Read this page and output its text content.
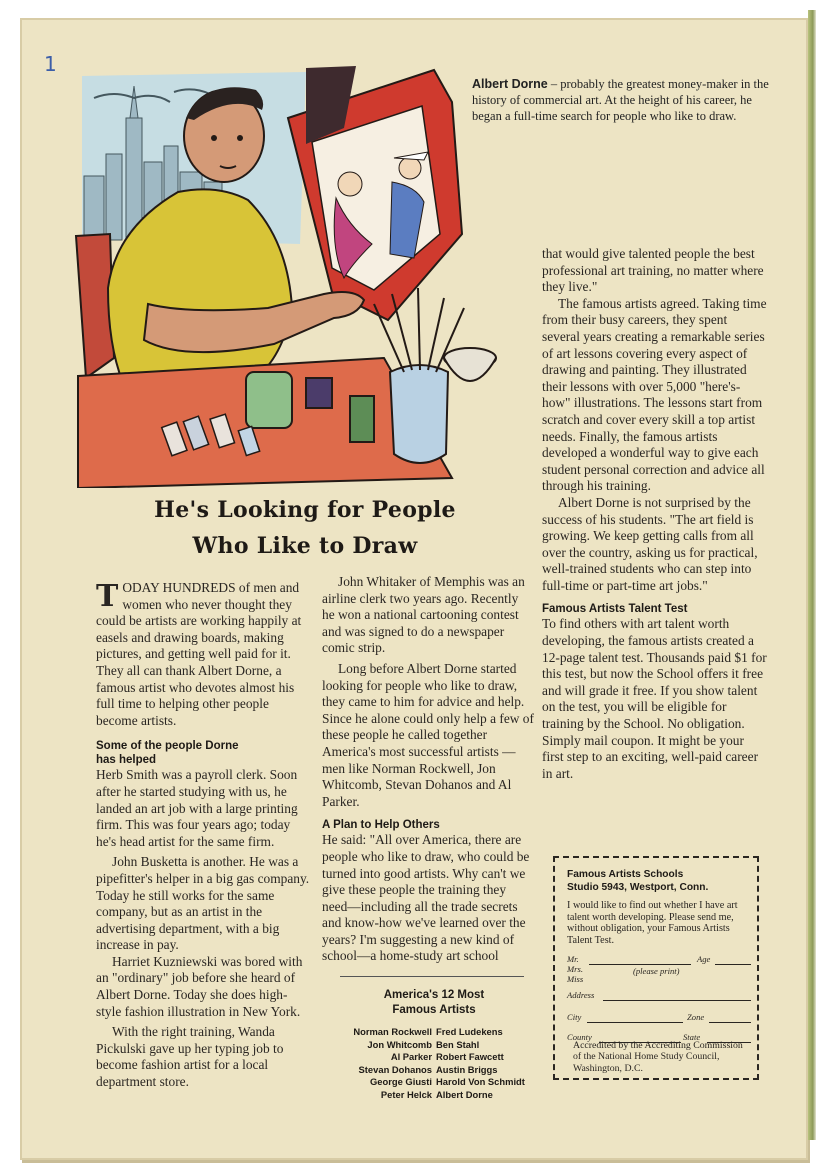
1
Albert Dorne – probably the greatest money-maker in the history of commercial art. At the height of his career, he began a full-time search for people who like to draw.
He's Looking for People
Who Like to Draw

TODAY HUNDREDS of men and women who never thought they could be artists are working happily at easels and drawing boards, making pictures, and getting well paid for it. They all can thank Albert Dorne, a famous artist who devotes almost his full time to helping other people become artists.

Some of the people Dorne has helped

Herb Smith was a payroll clerk. Soon after he started studying with us, he landed an art job with a large printing firm. This was four years ago; today he's head artist for the same firm.

John Busketta is another. He was a pipefitter's helper in a big gas company. Today he still works for the same company, but as an artist in the advertising department, with a big increase in pay.

Harriet Kuzniewski was bored with an "ordinary" job before she heard of Albert Dorne. Today she does high-style fashion illustration in New York.

With the right training, Wanda Pickulski gave up her typing job to become fashion artist for a local department store.

John Whitaker of Memphis was an airline clerk two years ago. Recently he won a national cartooning contest and was signed to do a newspaper comic strip.

Long before Albert Dorne started looking for people who like to draw, they came to him for advice and help. Since he alone could only help a few of these people he called together America's most successful artists —men like Norman Rockwell, Jon Whitcomb, Stevan Dohanos and Al Parker.

A Plan to Help Others

He said: "All over America, there are people who like to draw, who could be turned into good artists. Why can't we give these people the training they need—including all the trade secrets and know-how we've learned over the years? I'm suggesting a new kind of school—a home-study art school

America's 12 Most
Famous Artists
Norman Rockwell Fred Ludekens
Jon Whitcomb Ben Stahl
Al Parker Robert Fawcett
Stevan Dohanos Austin Briggs
George Giusti Harold Von Schmidt
Peter Helck Albert Dorne

that would give talented people the best professional art training, no matter where they live."

The famous artists agreed. Taking time from their busy careers, they spent several years creating a remarkable series of art lessons covering every aspect of drawing and painting. They illustrated their lessons with over 5,000 "here's-how" illustrations. The lessons start from scratch and cover every skill a top artist needs. Finally, the famous artists developed a wonderful way to give each student personal correction and advice all through his training.

Albert Dorne is not surprised by the success of his students. "The art field is growing. We keep getting calls from all over the country, asking us for practical, well-trained students who can step into full-time or part-time art jobs."

Famous Artists Talent Test

To find others with art talent worth developing, the famous artists created a 12-page talent test. Thousands paid $1 for this test, but now the School offers it free and will grade it free. If you show talent on the test, you will be eligible for training by the School. No obligation. Simply mail coupon. It might be your first step to an exciting, well-paid career in art.

Famous Artists Schools
Studio 5943, Westport, Conn.
I would like to find out whether I have art talent worth developing. Please send me, without obligation, your Famous Artists Talent Test.
Mr.
Mrs.
Miss
(please print)
Age
Address
City	Zone
County	State
Accredited by the Accrediting Commission of the National Home Study Council, Washington, D.C.
